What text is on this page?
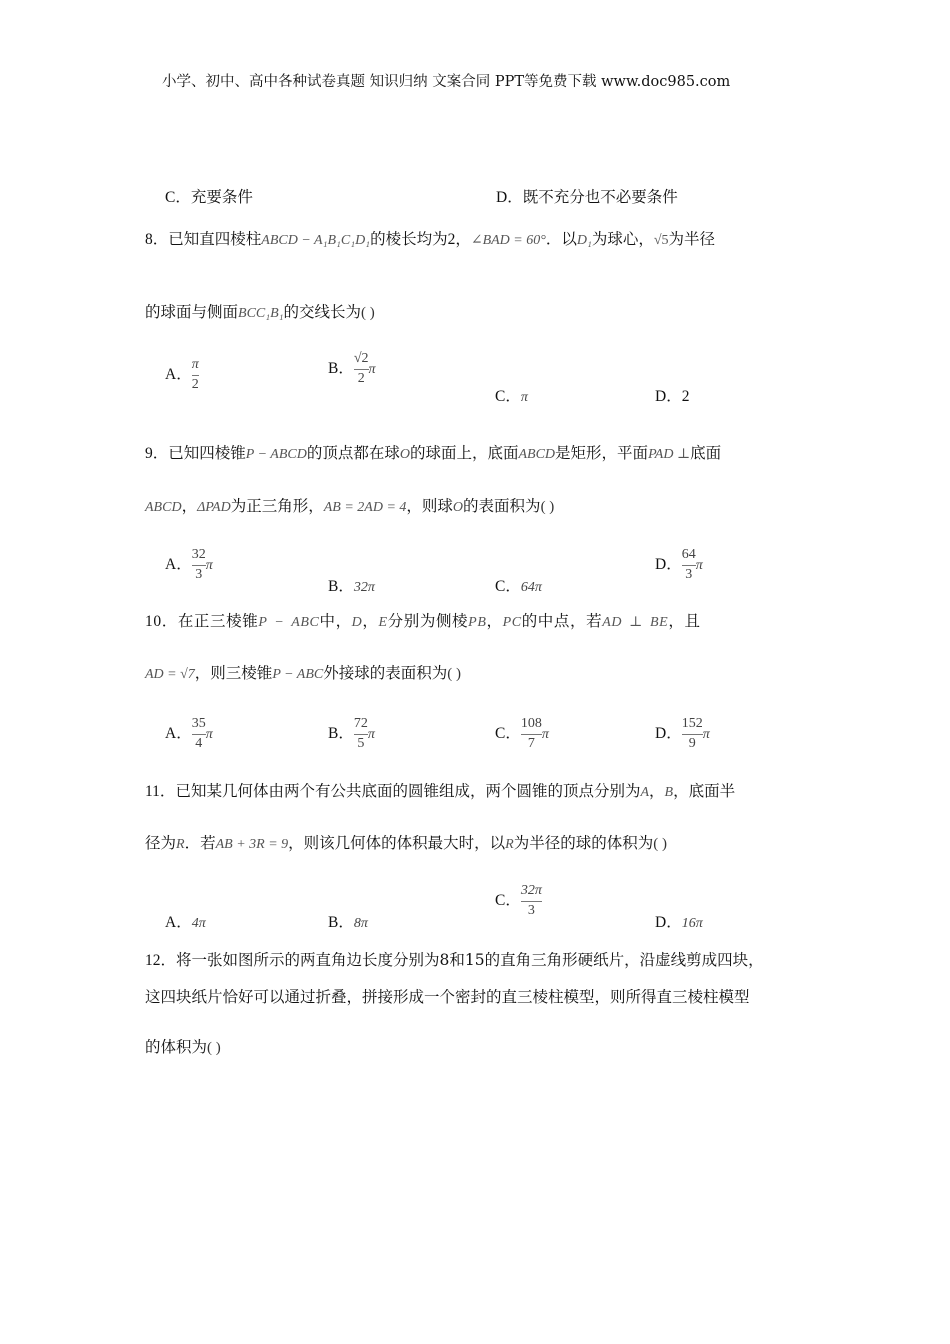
小学、初中、高中各种试卷真题 知识归纳 文案合同 PPT等免费下载 www.doc985.com
C．充要条件	D．既不充分也不必要条件
8．已知直四棱柱ABCD − A₁B₁C₁D₁的棱长均为2，∠BAD = 60°．以D₁为球心，√5为半径
的球面与侧面BCC₁B₁的交线长为( )
A． $\frac{\pi}{2}$	B． $\frac{√2}{2}$ π
C．π	D．2
9．已知四棱锥P − ABCD的顶点都在球O的球面上，底面ABCD是矩形，平面PAD ⊥底面
ABCD，ΔPAD为正三角形，AB = 2AD = 4，则球O的表面积为( )
A． $\frac{32}{3}$ π
B．32π	C．64π
D． $\frac{64}{3}$ π
10．在正三棱锥P − ABC中，D，E分别为侧棱PB，PC的中点，若AD ⊥ BE，且
AD = √7，则三棱锥P − ABC外接球的表面积为( )
A． $\frac{35}{4}$ π	B． $\frac{72}{5}$ π	C． $\frac{108}{7}$ π	D． $\frac{152}{9}$ π
11．已知某几何体由两个有公共底面的圆锥组成，两个圆锥的顶点分别为A，B，底面半
径为R．若AB + 3R = 9，则该几何体的体积最大时，以R为半径的球的体积为( )
A．4π	B．8π
C． $\frac{32\pi}{3}$
D．16π
12．将一张如图所示的两直角边长度分别为8和15的直角三角形硬纸片，沿虚线剪成四块，
这四块纸片恰好可以通过折叠，拼接形成一个密封的直三棱柱模型，则所得直三棱柱模型
的体积为( )
